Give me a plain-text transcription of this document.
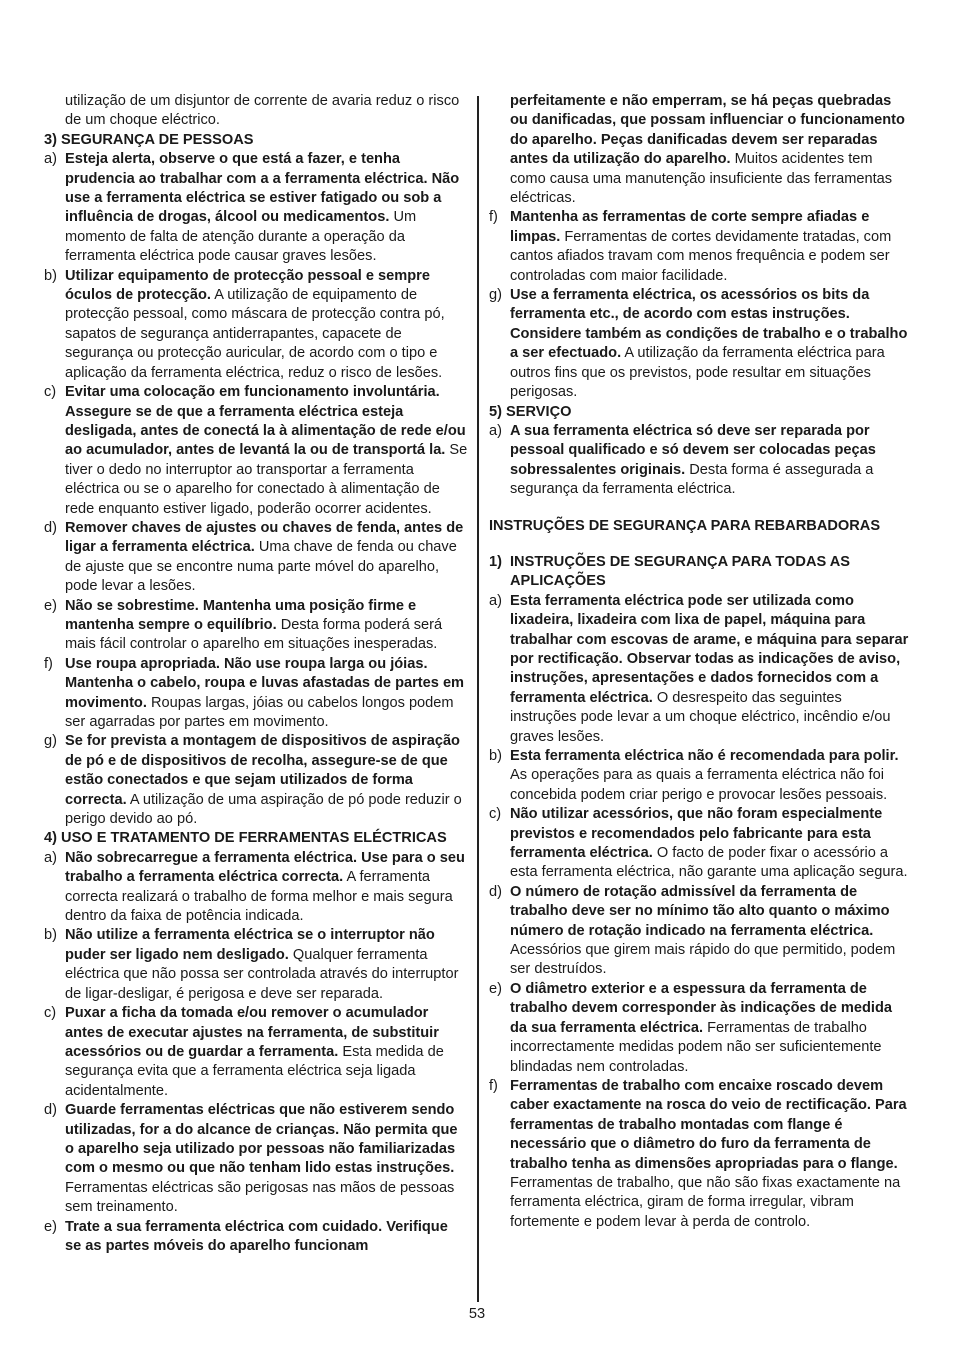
utilização de um disjuntor de corrente de avaria reduz o risco de um choque eléctrico.
3) SEGURANÇA DE PESSOAS
a) Esteja alerta, observe o que está a fazer, e tenha prudencia ao trabalhar com a a ferramenta eléctrica. Não use a ferramenta eléctrica se estiver fatigado ou sob a influência de drogas, álcool ou medicamentos. Um momento de falta de atenção durante a operação da ferramenta eléctrica pode causar graves lesões.
b) Utilizar equipamento de protecção pessoal e sempre óculos de protecção. A utilização de equipamento de protecção pessoal, como máscara de protecção contra pó, sapatos de segurança antiderrapantes, capacete de segurança ou protecção auricular, de acordo com o tipo e aplicação da ferramenta eléctrica, reduz o risco de lesões.
c) Evitar uma colocação em funcionamento involuntária. Assegure se de que a ferramenta eléctrica esteja desligada, antes de conectá la à alimentação de rede e/ou ao acumulador, antes de levantá la ou de transportá la. Se tiver o dedo no interruptor ao transportar a ferramenta eléctrica ou se o aparelho for conectado à alimentação de rede enquanto estiver ligado, poderão ocorrer acidentes.
d) Remover chaves de ajustes ou chaves de fenda, antes de ligar a ferramenta eléctrica. Uma chave de fenda ou chave de ajuste que se encontre numa parte móvel do aparelho, pode levar a lesões.
e) Não se sobrestime. Mantenha uma posição firme e mantenha sempre o equilíbrio. Desta forma poderá será mais fácil controlar o aparelho em situações inesperadas.
f) Use roupa apropriada. Não use roupa larga ou jóias. Mantenha o cabelo, roupa e luvas afastadas de partes em movimento. Roupas largas, jóias ou cabelos longos podem ser agarradas por partes em movimento.
g) Se for prevista a montagem de dispositivos de aspiração de pó e de dispositivos de recolha, assegure-se de que estão conectados e que sejam utilizados de forma correcta. A utilização de uma aspiração de pó pode reduzir o perigo devido ao pó.
4) USO E TRATAMENTO DE FERRAMENTAS ELÉCTRICAS
a) Não sobrecarregue a ferramenta eléctrica. Use para o seu trabalho a ferramenta eléctrica correcta. A ferramenta correcta realizará o trabalho de forma melhor e mais segura dentro da faixa de potência indicada.
b) Não utilize a ferramenta eléctrica se o interruptor não puder ser ligado nem desligado. Qualquer ferramenta eléctrica que não possa ser controlada através do interruptor de ligar-desligar, é perigosa e deve ser reparada.
c) Puxar a ficha da tomada e/ou remover o acumulador antes de executar ajustes na ferramenta, de substituir acessórios ou de guardar a ferramenta. Esta medida de segurança evita que a ferramenta eléctrica seja ligada acidentalmente.
d) Guarde ferramentas eléctricas que não estiverem sendo utilizadas, for a do alcance de crianças. Não permita que o aparelho seja utilizado por pessoas não familiarizadas com o mesmo ou que não tenham lido estas instruções. Ferramentas eléctricas são perigosas nas mãos de pessoas sem treinamento.
e) Trate a sua ferramenta eléctrica com cuidado. Verifique se as partes móveis do aparelho funcionam
perfeitamente e não emperram, se há peças quebradas ou danificadas, que possam influenciar o funcionamento do aparelho. Peças danificadas devem ser reparadas antes da utilização do aparelho. Muitos acidentes tem como causa uma manutenção insuficiente das ferramentas eléctricas.
f) Mantenha as ferramentas de corte sempre afiadas e limpas. Ferramentas de cortes devidamente tratadas, com cantos afiados travam com menos frequência e podem ser controladas com maior facilidade.
g) Use a ferramenta eléctrica, os acessórios os bits da ferramenta etc., de acordo com estas instruções. Considere também as condições de trabalho e o trabalho a ser efectuado. A utilização da ferramenta eléctrica para outros fins que os previstos, pode resultar em situações perigosas.
5) SERVIÇO
a) A sua ferramenta eléctrica só deve ser reparada por pessoal qualificado e só devem ser colocadas peças sobressalentes originais. Desta forma é assegurada a segurança da ferramenta eléctrica.
INSTRUÇÕES DE SEGURANÇA PARA REBARBADORAS
1) INSTRUÇÕES DE SEGURANÇA PARA TODAS AS APLICAÇÕES
a) Esta ferramenta eléctrica pode ser utilizada como lixadeira, lixadeira com lixa de papel, máquina para trabalhar com escovas de arame, e máquina para separar por rectificação. Observar todas as indicações de aviso, instruções, apresentações e dados fornecidos com a ferramenta eléctrica. O desrespeito das seguintes instruções pode levar a um choque eléctrico, incêndio e/ou graves lesões.
b) Esta ferramenta eléctrica não é recomendada para polir. As operações para as quais a ferramenta eléctrica não foi concebida podem criar perigo e provocar lesões pessoais.
c) Não utilizar acessórios, que não foram especialmente previstos e recomendados pelo fabricante para esta ferramenta eléctrica. O facto de poder fixar o acessório a esta ferramenta eléctrica, não garante uma aplicação segura.
d) O número de rotação admissível da ferramenta de trabalho deve ser no mínimo tão alto quanto o máximo número de rotação indicado na ferramenta eléctrica. Acessórios que girem mais rápido do que permitido, podem ser destruídos.
e) O diâmetro exterior e a espessura da ferramenta de trabalho devem corresponder às indicações de medida da sua ferramenta eléctrica. Ferramentas de trabalho incorrectamente medidas podem não ser suficientemente blindadas nem controladas.
f) Ferramentas de trabalho com encaixe roscado devem caber exactamente na rosca do veio de rectificação. Para ferramentas de trabalho montadas com flange é necessário que o diâmetro do furo da ferramenta de trabalho tenha as dimensões apropriadas para o flange. Ferramentas de trabalho, que não são fixas exactamente na ferramenta eléctrica, giram de forma irregular, vibram fortemente e podem levar à perda de controlo.
53
